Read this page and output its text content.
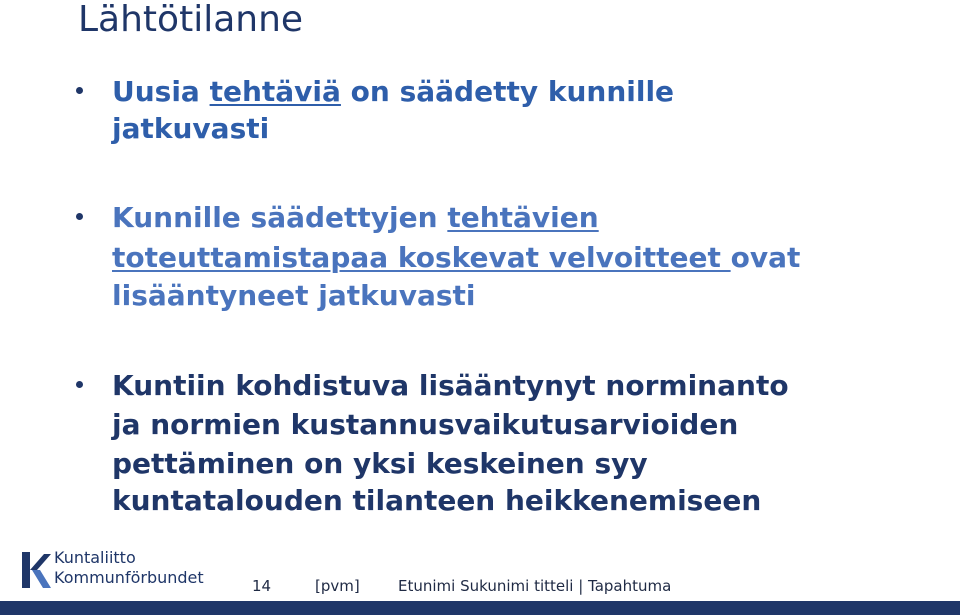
Lähtötilanne
Uusia tehtäviä on säädetty kunnille
jatkuvasti
Kunnille säädettyjen tehtävien
toteuttamistapaa koskevat velvoitteet ovat
lisääntyneet jatkuvasti
Kuntiin kohdistuva lisääntynyt norminanto
ja normien kustannusvaikutusarvioiden
pettäminen on yksi keskeinen syy
kuntatalouden tilanteen heikkenemiseen
Kuntaliitto
Kommunförbundet	14	[pvm]	Etunimi Sukunimi titteli | Tapahtuma
